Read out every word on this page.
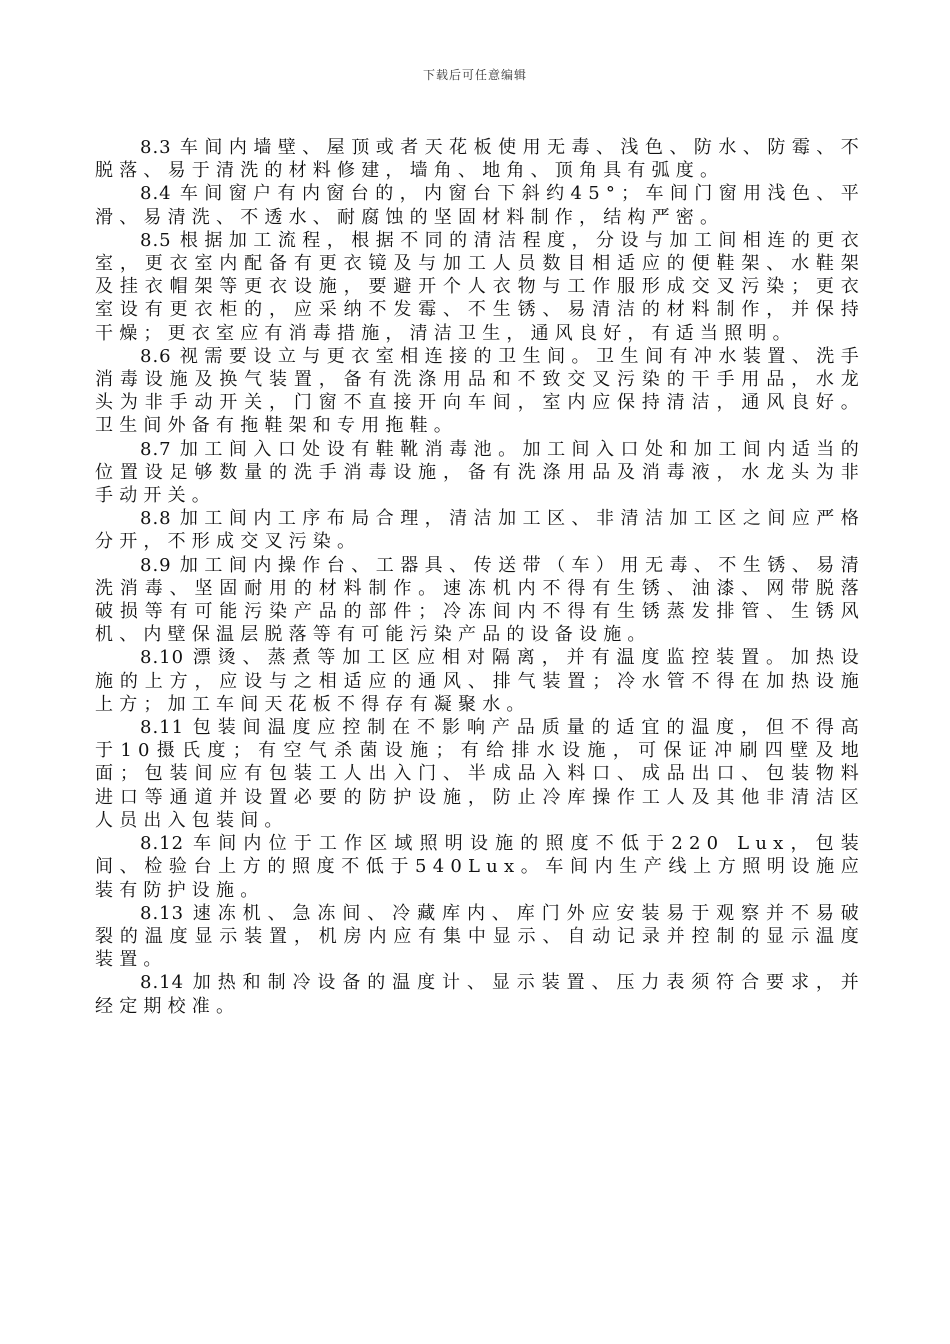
下载后可任意编辑

8.3 车间内墙壁、屋顶或者天花板使用无毒、浅色、防水、防霉、不脱落、易于清洗的材料修建，墙角、地角、顶角具有弧度。

8.4 车间窗户有内窗台的，内窗台下斜约45°；车间门窗用浅色、平滑、易清洗、不透水、耐腐蚀的坚固材料制作，结构严密。

8.5 根据加工流程，根据不同的清洁程度，分设与加工间相连的更衣室，更衣室内配备有更衣镜及与加工人员数目相适应的便鞋架、水鞋架及挂衣帽架等更衣设施，要避开个人衣物与工作服形成交叉污染；更衣室设有更衣柜的，应采纳不发霉、不生锈、易清洁的材料制作，并保持干燥；更衣室应有消毒措施，清洁卫生，通风良好，有适当照明。

8.6 视需要设立与更衣室相连接的卫生间。卫生间有冲水装置、洗手消毒设施及换气装置，备有洗涤用品和不致交叉污染的干手用品，水龙头为非手动开关，门窗不直接开向车间，室内应保持清洁，通风良好。卫生间外备有拖鞋架和专用拖鞋。

8.7 加工间入口处设有鞋靴消毒池。加工间入口处和加工间内适当的位置设足够数量的洗手消毒设施，备有洗涤用品及消毒液，水龙头为非手动开关。

8.8 加工间内工序布局合理，清洁加工区、非清洁加工区之间应严格分开，不形成交叉污染。

8.9 加工间内操作台、工器具、传送带（车）用无毒、不生锈、易清洗消毒、坚固耐用的材料制作。速冻机内不得有生锈、油漆、网带脱落破损等有可能污染产品的部件；冷冻间内不得有生锈蒸发排管、生锈风机、内壁保温层脱落等有可能污染产品的设备设施。

8.10 漂烫、蒸煮等加工区应相对隔离，并有温度监控装置。加热设施的上方，应设与之相适应的通风、排气装置；冷水管不得在加热设施上方；加工车间天花板不得存有凝聚水。

8.11 包装间温度应控制在不影响产品质量的适宜的温度，但不得高于10摄氏度；有空气杀菌设施；有给排水设施，可保证冲刷四壁及地面；包装间应有包装工人出入门、半成品入料口、成品出口、包装物料进口等通道并设置必要的防护设施，防止冷库操作工人及其他非清洁区人员出入包装间。

8.12 车间内位于工作区域照明设施的照度不低于220 Lux，包装间、检验台上方的照度不低于540Lux。车间内生产线上方照明设施应装有防护设施。

8.13 速冻机、急冻间、冷藏库内、库门外应安装易于观察并不易破裂的温度显示装置，机房内应有集中显示、自动记录并控制的显示温度装置。

8.14 加热和制冷设备的温度计、显示装置、压力表须符合要求，并经定期校准。
